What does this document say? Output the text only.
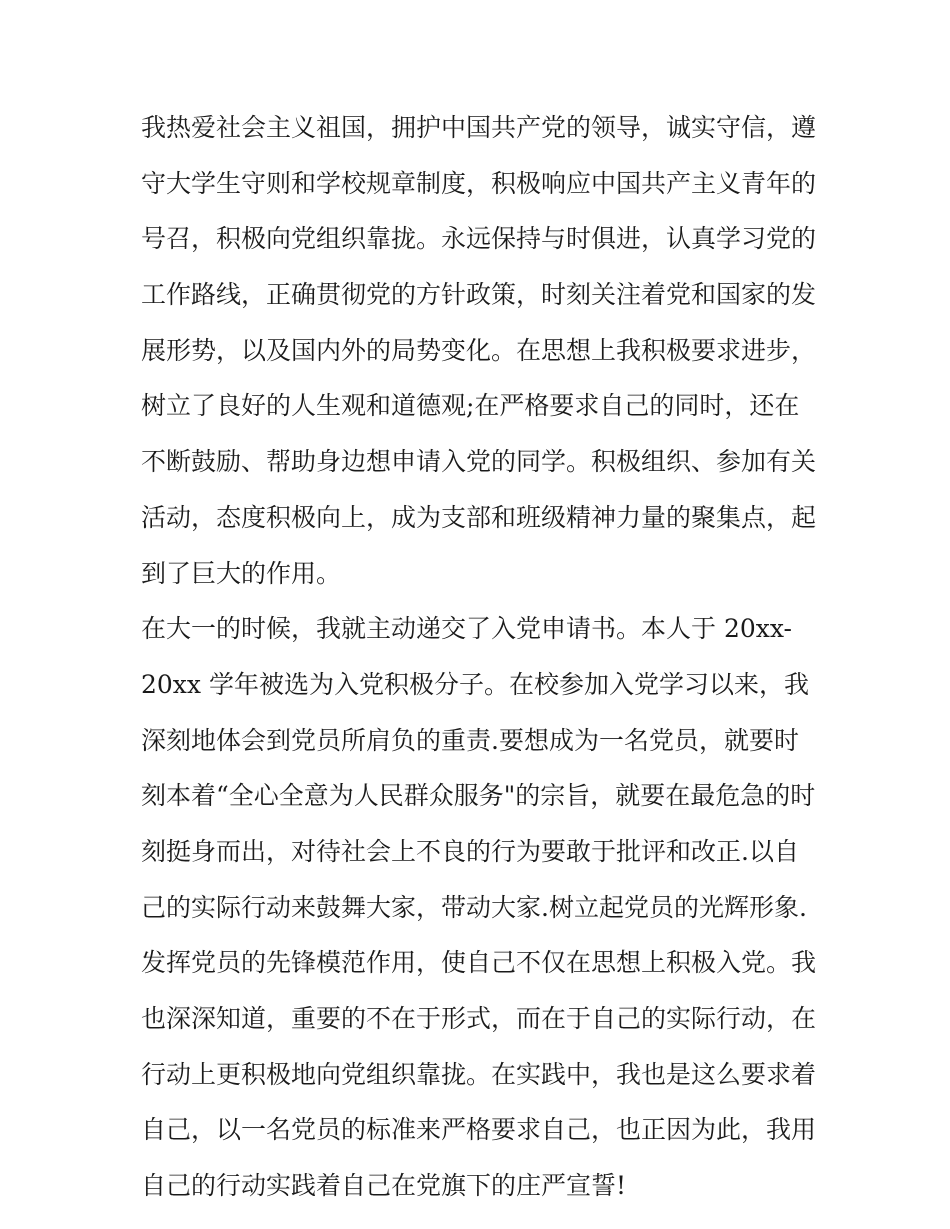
我热爱社会主义祖国，拥护中国共产党的领导，诚实守信，遵
守大学生守则和学校规章制度，积极响应中国共产主义青年的
号召，积极向党组织靠拢。永远保持与时俱进，认真学习党的
工作路线，正确贯彻党的方针政策，时刻关注着党和国家的发
展形势，以及国内外的局势变化。在思想上我积极要求进步，
树立了良好的人生观和道德观;在严格要求自己的同时，还在
不断鼓励、帮助身边想申请入党的同学。积极组织、参加有关
活动，态度积极向上，成为支部和班级精神力量的聚集点，起
到了巨大的作用。
在大一的时候，我就主动递交了入党申请书。本人于 20xx-
20xx 学年被选为入党积极分子。在校参加入党学习以来，我
深刻地体会到党员所肩负的重责.要想成为一名党员，就要时
刻本着“全心全意为人民群众服务"的宗旨，就要在最危急的时
刻挺身而出，对待社会上不良的行为要敢于批评和改正.以自
己的实际行动来鼓舞大家，带动大家.树立起党员的光辉形象.
发挥党员的先锋模范作用，使自己不仅在思想上积极入党。我
也深深知道，重要的不在于形式，而在于自己的实际行动，在
行动上更积极地向党组织靠拢。在实践中，我也是这么要求着
自己，以一名党员的标准来严格要求自己，也正因为此，我用
自己的行动实践着自己在党旗下的庄严宣誓!
